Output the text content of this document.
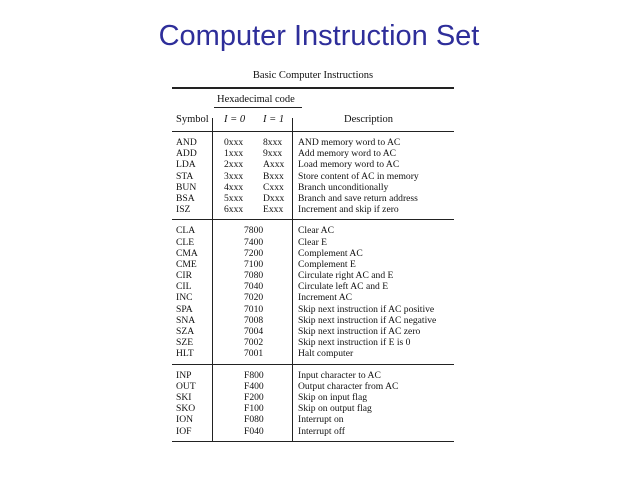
Computer Instruction Set
Basic Computer Instructions
Hexadecimal code
Symbol I = 0 I = 1	Description
AND	0xxx 8xxx AND memory word to AC
ADD	1xxx 9xxx Add memory word to AC
LDA	2xxx Axxx Load memory word to AC
STA	3xxx Bxxx Store content of AC in memory
BUN	4xxx Cxxx Branch unconditionally
BSA	5xxx Dxxx Branch and save return address
ISZ	6xxx Exxx Increment and skip if zero
CLA	7800	Clear AC
CLE	7400	Clear E
CMA	7200	Complement AC
CME	7100	Complement E
CIR	7080	Circulate right AC and E
CIL	7040	Circulate left AC and E
INC	7020	Increment AC
SPA	7010	Skip next instruction if AC positive
SNA	7008	Skip next instruction if AC negative
SZA	7004	Skip next instruction if AC zero
SZE	7002	Skip next instruction if E is 0
HLT	7001	Halt computer
INP	F800	Input character to AC
OUT	F400	Output character from AC
SKI	F200	Skip on input flag
SKO	F100	Skip on output flag
ION	F080	Interrupt on
IOF	F040	Interrupt off
